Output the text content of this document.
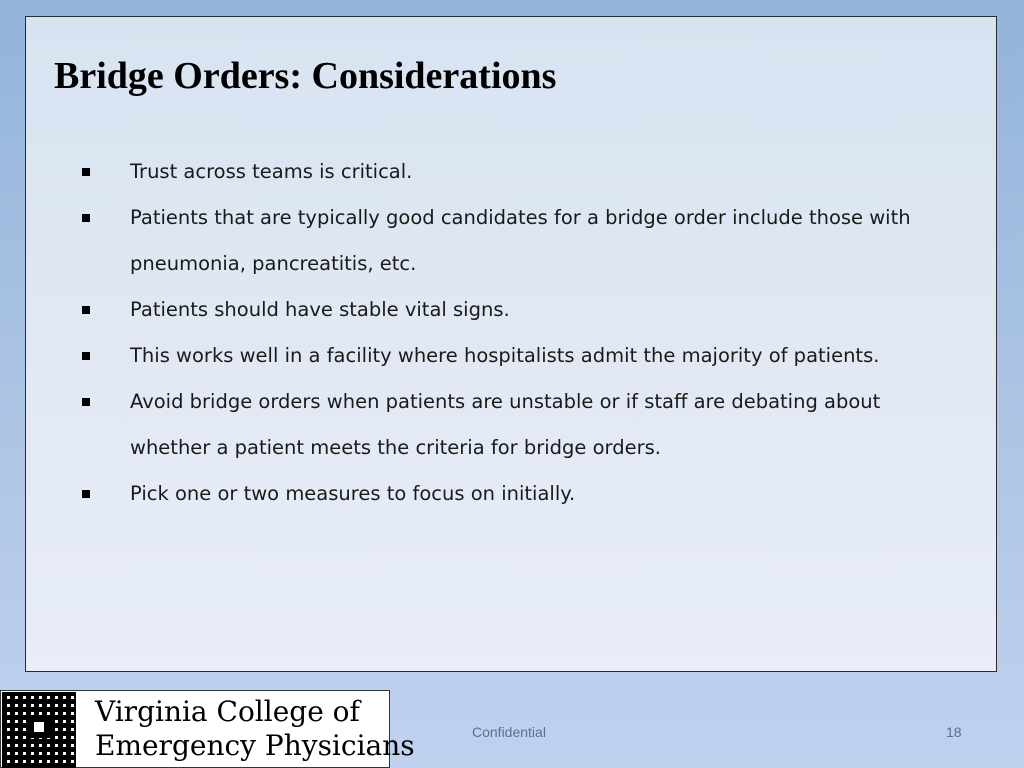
Bridge Orders: Considerations
Trust across teams is critical.
Patients that are typically good candidates for a bridge order include those with pneumonia, pancreatitis, etc.
Patients should have stable vital signs.
This works well in a facility where hospitalists admit the majority of patients.
Avoid bridge orders when patients are unstable or if staff are debating about whether a patient meets the criteria for bridge orders.
Pick one or two measures to focus on initially.
Virginia College of
Emergency Physicians	Confidential	18
